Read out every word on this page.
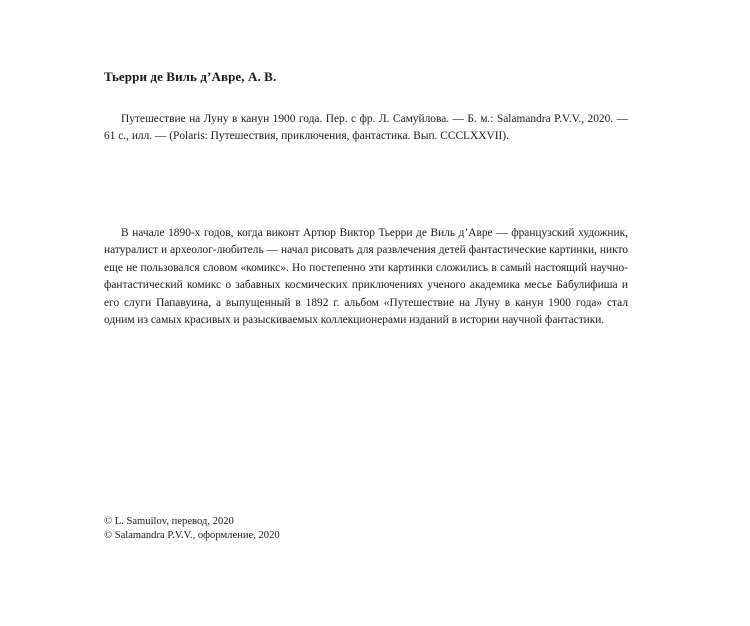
Тьерри де Виль д’Авре, А. В.
Путешествие на Луну в канун 1900 года. Пер. с фр. Л. Самуйлова. — Б. м.: Salamandra P.V.V., 2020. — 61 с., илл. — (Polaris: Путешествия, приключения, фантастика. Вып. CCCLXXVII).
В начале 1890-х годов, когда виконт Артюр Виктор Тьерри де Виль д’Авре — французский художник, натуралист и археолог-любитель — начал рисовать для развлечения детей фантастические картинки, никто еще не пользовался словом «комикс». Но постепенно эти картинки сложились в самый настоящий научно-фантастический комикс о забавных космических приключениях ученого академика месье Бабулифиша и его слуги Папавуина, а выпущенный в 1892 г. альбом «Путешествие на Луну в канун 1900 года» стал одним из самых красивых и разыскиваемых коллекционерами изданий в истории научной фантастики.
© L. Samuilov, перевод, 2020
© Salamandra P.V.V., оформление, 2020
